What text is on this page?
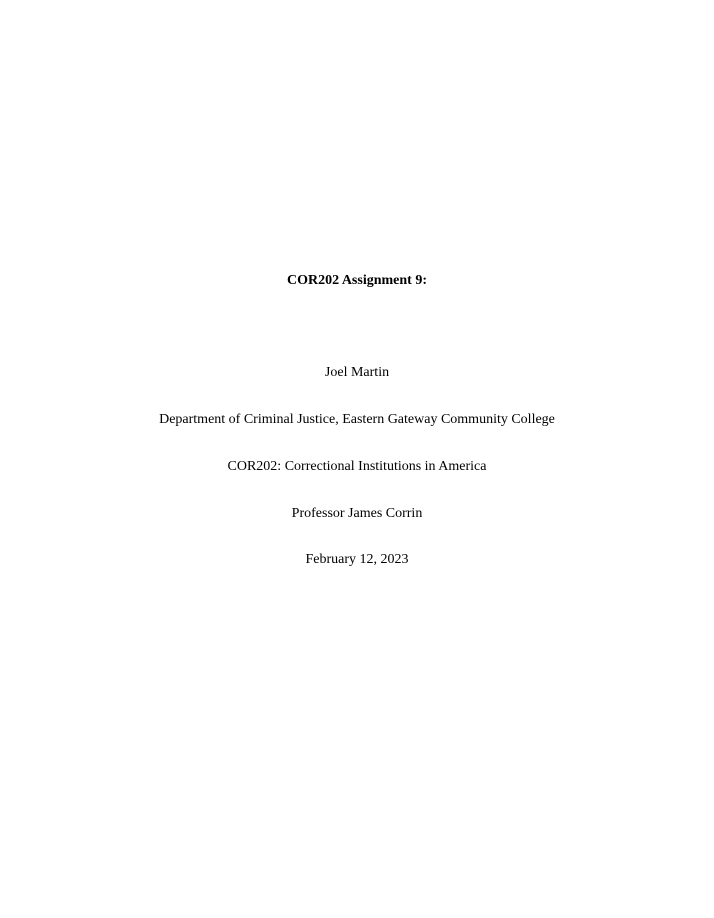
COR202 Assignment 9:
Joel Martin
Department of Criminal Justice, Eastern Gateway Community College
COR202: Correctional Institutions in America
Professor James Corrin
February 12, 2023
